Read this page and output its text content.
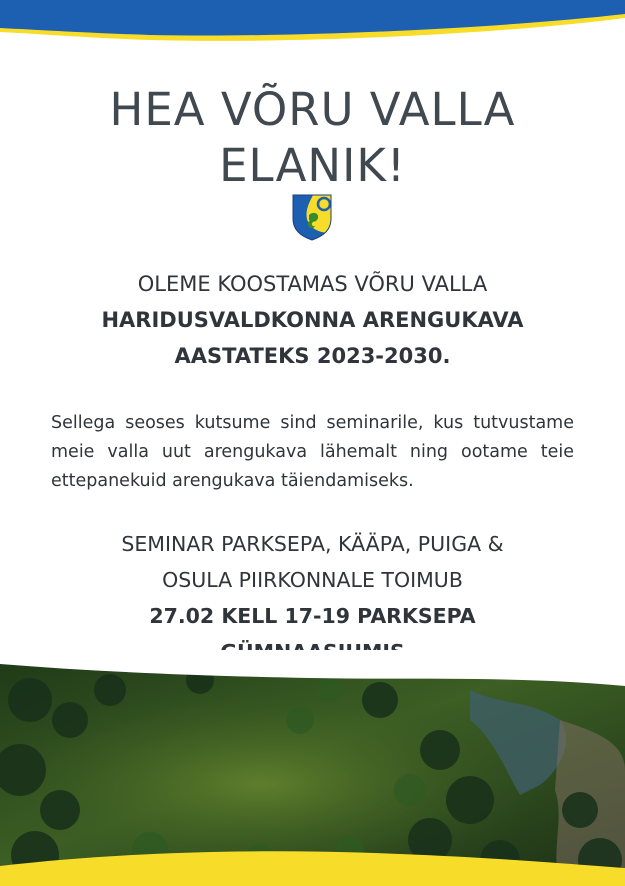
HEA VÕRU VALLA
ELANIK!
OLEME KOOSTAMAS VÕRU VALLA
HARIDUSVALDKONNA ARENGUKAVA
AASTATEKS 2023-2030.
Sellega seoses kutsume sind seminarile, kus tutvustame meie valla uut arengukava lähemalt ning ootame teie ettepanekuid arengukava täiendamiseks.
SEMINAR PARKSEPA, KÄÄPA, PUIGA &
OSULA PIIRKONNALE TOIMUB
27.02 KELL 17-19 PARKSEPA
